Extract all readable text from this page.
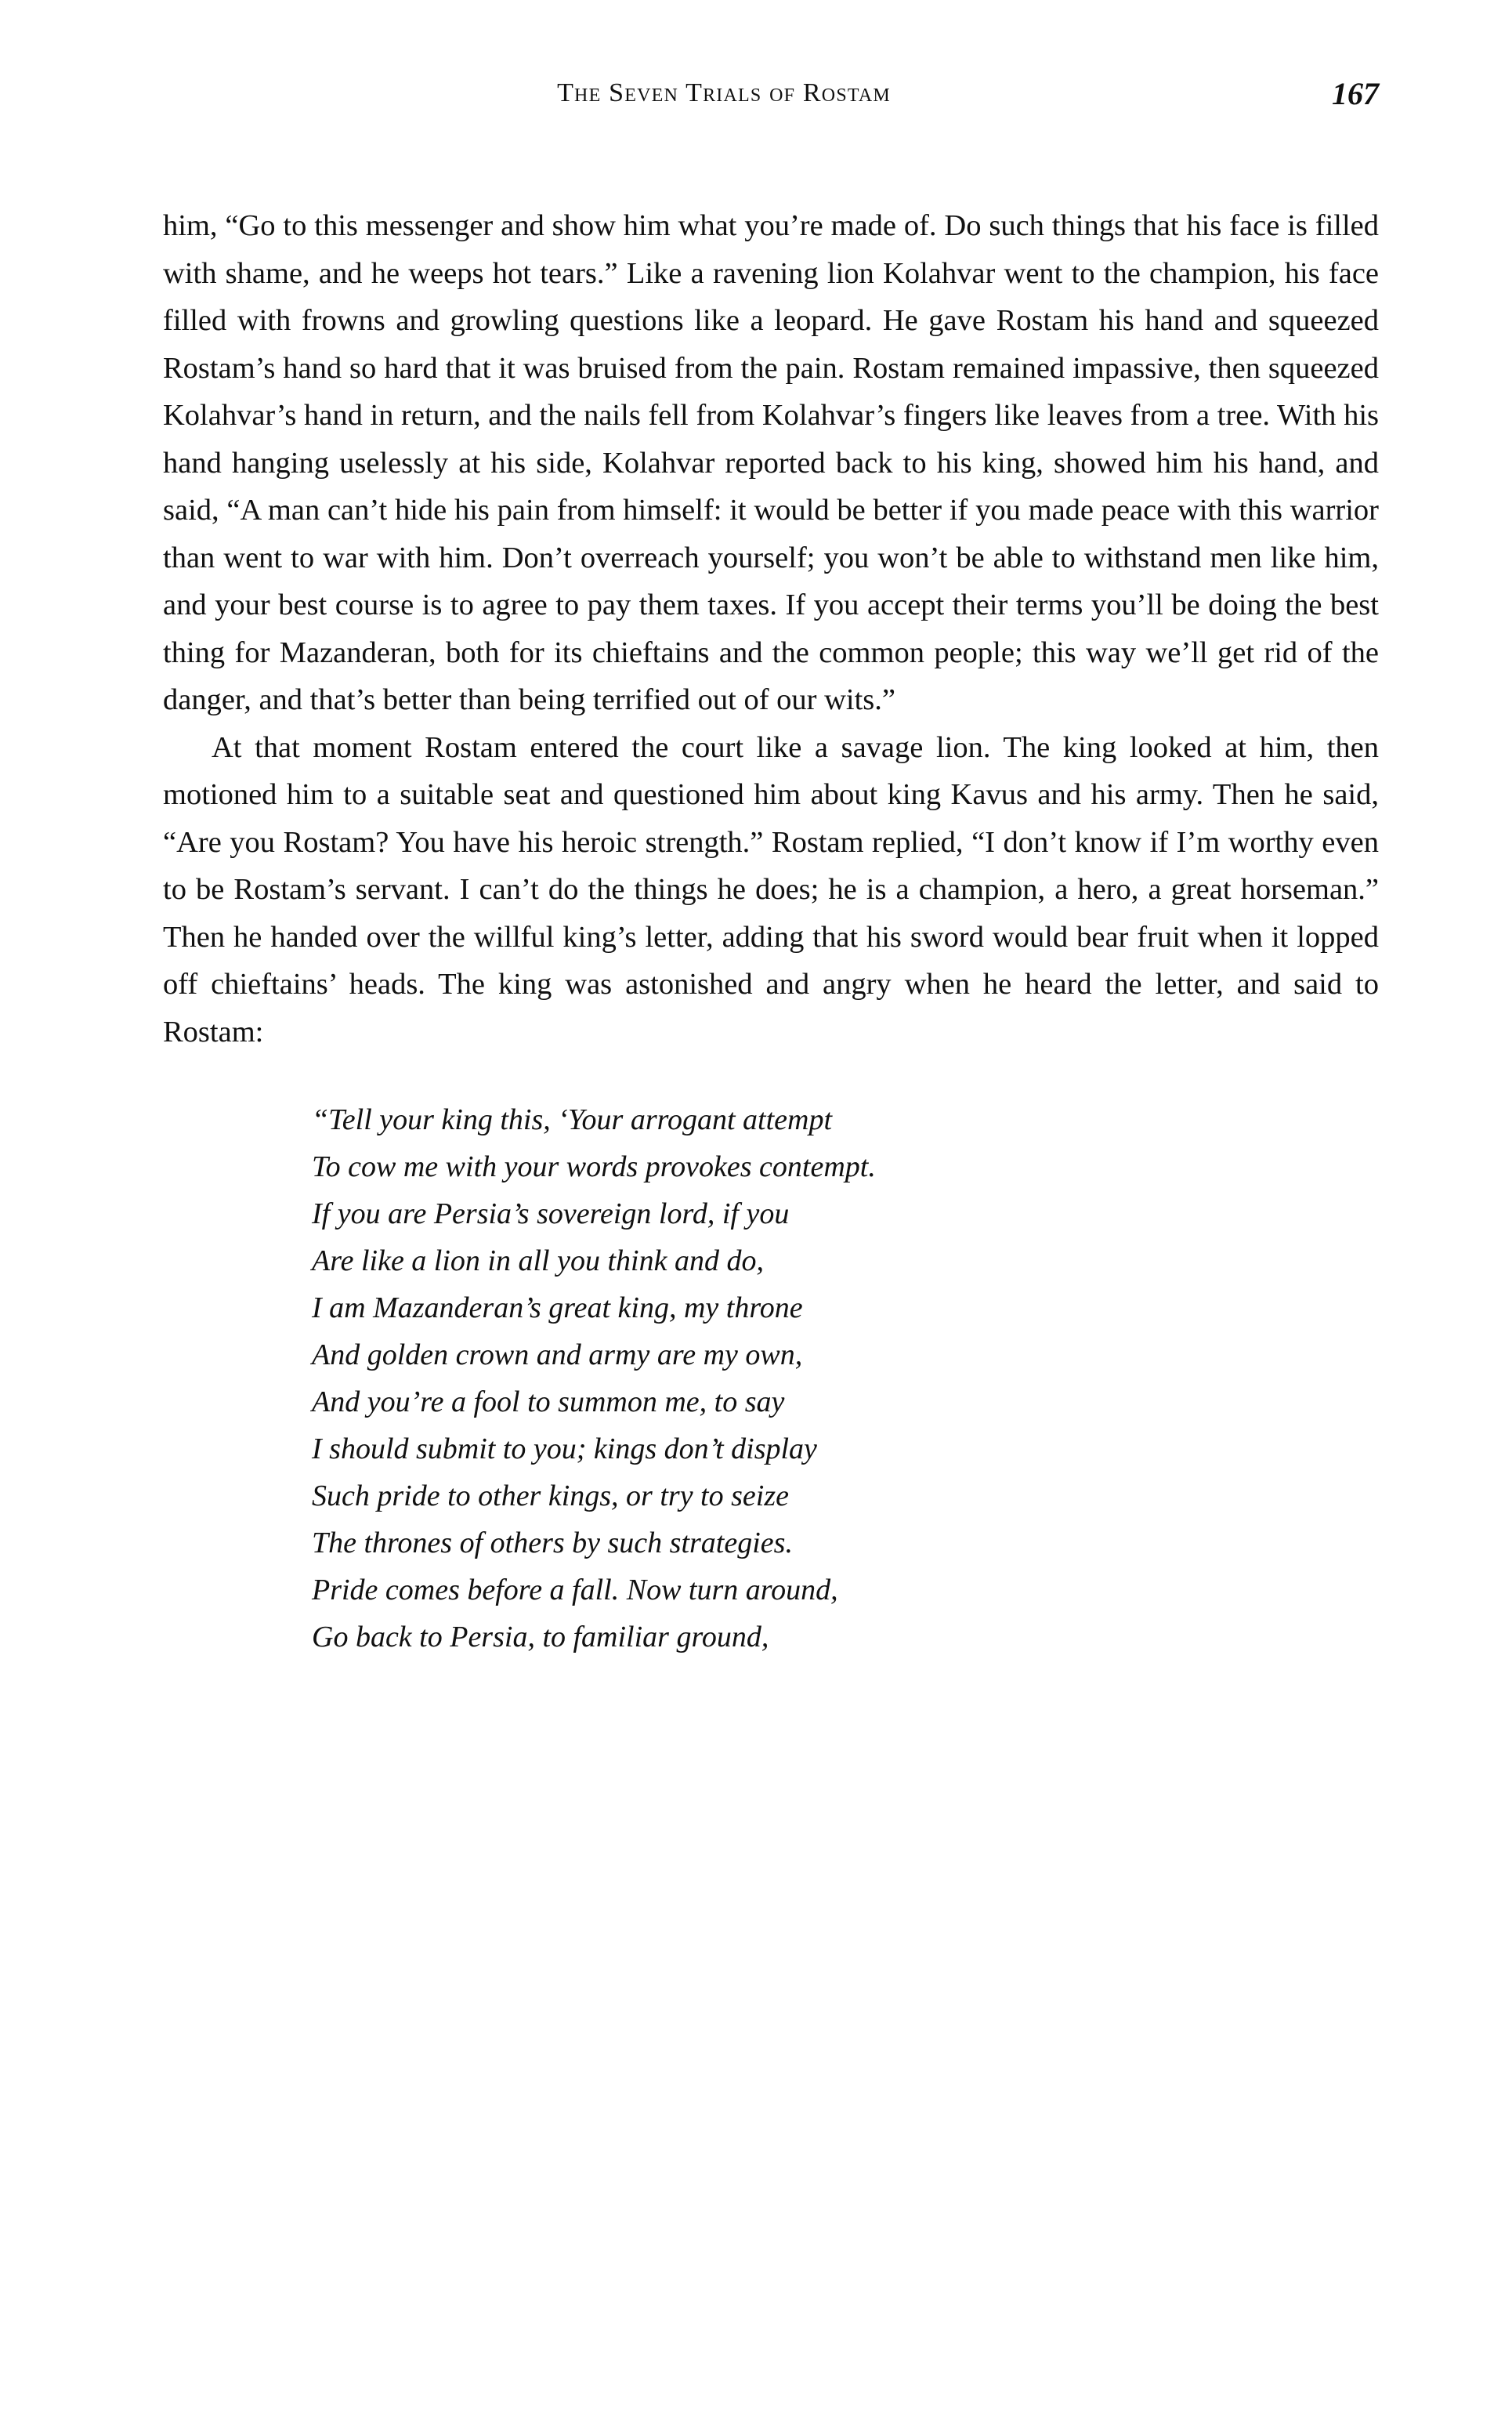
The Seven Trials of Rostam	167

him, “Go to this messenger and show him what you’re made of. Do such things that his face is filled with shame, and he weeps hot tears.” Like a ravening lion Kolahvar went to the champion, his face filled with frowns and growling questions like a leopard. He gave Rostam his hand and squeezed Rostam’s hand so hard that it was bruised from the pain. Rostam remained impassive, then squeezed Kolahvar’s hand in return, and the nails fell from Kolahvar’s fingers like leaves from a tree. With his hand hanging uselessly at his side, Kolahvar reported back to his king, showed him his hand, and said, “A man can’t hide his pain from himself: it would be better if you made peace with this warrior than went to war with him. Don’t overreach yourself; you won’t be able to withstand men like him, and your best course is to agree to pay them taxes. If you accept their terms you’ll be doing the best thing for Mazanderan, both for its chieftains and the common people; this way we’ll get rid of the danger, and that’s better than being terrified out of our wits.”

At that moment Rostam entered the court like a savage lion. The king looked at him, then motioned him to a suitable seat and questioned him about king Kavus and his army. Then he said, “Are you Rostam? You have his heroic strength.” Rostam replied, “I don’t know if I’m worthy even to be Rostam’s servant. I can’t do the things he does; he is a champion, a hero, a great horseman.” Then he handed over the willful king’s letter, adding that his sword would bear fruit when it lopped off chieftains’ heads. The king was astonished and angry when he heard the letter, and said to Rostam:

“Tell your king this, ‘Your arrogant attempt
To cow me with your words provokes contempt.
If you are Persia’s sovereign lord, if you
Are like a lion in all you think and do,
I am Mazanderan’s great king, my throne
And golden crown and army are my own,
And you’re a fool to summon me, to say
I should submit to you; kings don’t display
Such pride to other kings, or try to seize
The thrones of others by such strategies.
Pride comes before a fall. Now turn around,
Go back to Persia, to familiar ground,
